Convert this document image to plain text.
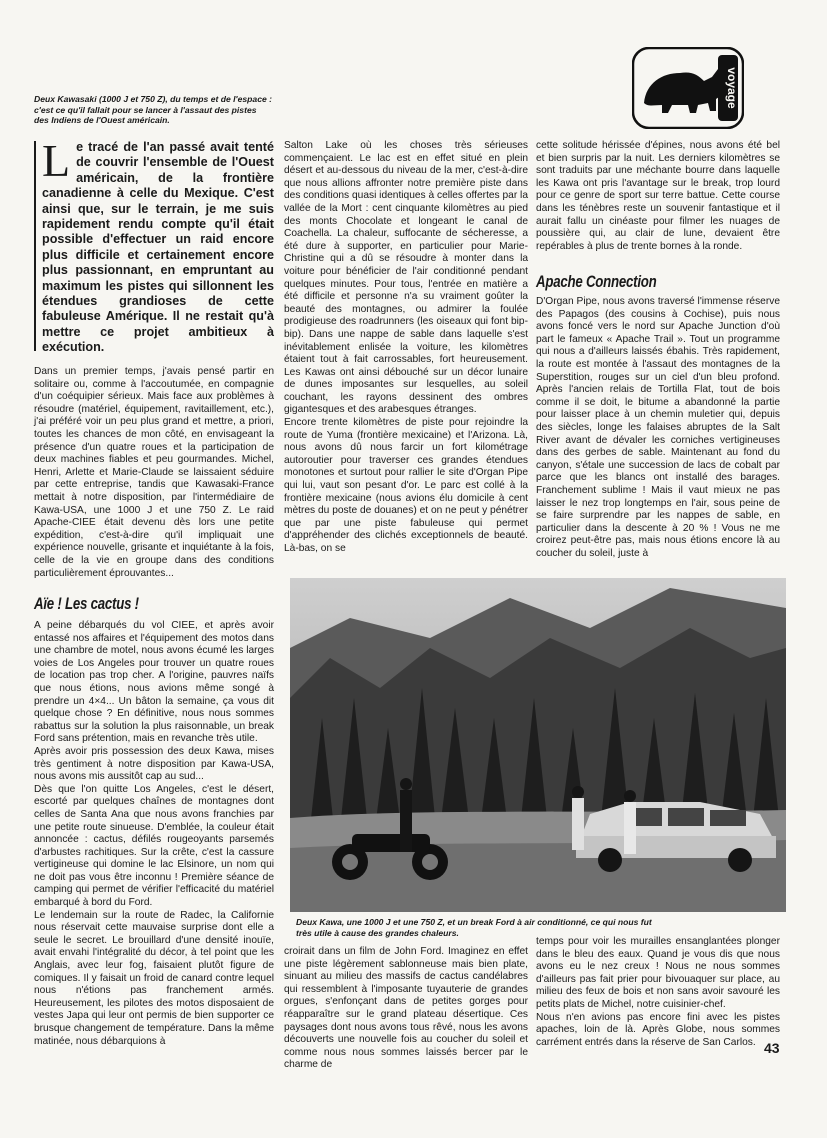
Deux Kawasaki (1000 J et 750 Z), du temps et de l'espace : c'est ce qu'il fallait pour se lancer à l'assaut des pistes des Indiens de l'Ouest américain.

voyage

Le tracé de l'an passé avait tenté de couvrir l'ensemble de l'Ouest américain, de la frontière canadienne à celle du Mexique. C'est ainsi que, sur le terrain, je me suis rapidement rendu compte qu'il était possible d'effectuer un raid encore plus difficile et certainement encore plus passionnant, en empruntant au maximum les pistes qui sillonnent les étendues grandioses de cette fabuleuse Amérique. Il ne restait qu'à mettre ce projet ambitieux à exécution.

Dans un premier temps, j'avais pensé partir en solitaire ou, comme à l'accoutumée, en compagnie d'un coéquipier sérieux. Mais face aux problèmes à résoudre (matériel, équipement, ravitaillement, etc.), j'ai préféré voir un peu plus grand et mettre, a priori, toutes les chances de mon côté, en envisageant la présence d'un quatre roues et la participation de deux machines fiables et peu gourmandes. Michel, Henri, Arlette et Marie-Claude se laissaient séduire par cette entreprise, tandis que Kawasaki-France mettait à notre disposition, par l'intermédiaire de Kawa-USA, une 1000 J et une 750 Z. Le raid Apache-CIEE était devenu dès lors une petite expédition, c'est-à-dire qu'il impliquait une expérience nouvelle, grisante et inquiétante à la fois, celle de la vie en groupe dans des conditions particulièrement éprouvantes...

Aïe ! Les cactus !

A peine débarqués du vol CIEE, et après avoir entassé nos affaires et l'équipement des motos dans une chambre de motel, nous avons écumé les larges voies de Los Angeles pour trouver un quatre roues de location pas trop cher. A l'origine, pauvres naïfs que nous étions, nous avions même songé à prendre un 4×4... Un bâton la semaine, ça vous dit quelque chose ? En définitive, nous nous sommes rabattus sur la solution la plus raisonnable, un break Ford sans prétention, mais en revanche très utile.

Après avoir pris possession des deux Kawa, mises très gentiment à notre disposition par Kawa-USA, nous avons mis aussitôt cap au sud...

Dès que l'on quitte Los Angeles, c'est le désert, escorté par quelques chaînes de montagnes dont celles de Santa Ana que nous avons franchies par une petite route sinueuse. D'emblée, la couleur était annoncée : cactus, défilés rougeoyants parsemés d'arbustes rachitiques. Sur la crête, c'est la cassure vertigineuse qui domine le lac Elsinore, un nom qui ne doit pas vous être inconnu ! Première séance de camping qui permet de vérifier l'efficacité du matériel embarqué à bord du Ford.

Le lendemain sur la route de Radec, la Californie nous réservait cette mauvaise surprise dont elle a seule le secret. Le brouillard d'une densité inouïe, avait envahi l'intégralité du décor, à tel point que les Anglais, avec leur fog, faisaient plutôt figure de comiques. Il y faisait un froid de canard contre lequel nous n'étions pas franchement armés. Heureusement, les pilotes des motos disposaient de vestes Japa qui leur ont permis de bien supporter ce brusque changement de température. Dans la même matinée, nous débarquions à

Salton Lake où les choses très sérieuses commençaient. Le lac est en effet situé en plein désert et au-dessous du niveau de la mer, c'est-à-dire que nous allions affronter notre première piste dans des conditions quasi identiques à celles offertes par la vallée de la Mort : cent cinquante kilomètres au pied des monts Chocolate et longeant le canal de Coachella. La chaleur, suffocante de sécheresse, a été dure à supporter, en particulier pour Marie-Christine qui a dû se résoudre à monter dans la voiture pour bénéficier de l'air conditionné pendant quelques minutes. Pour tous, l'entrée en matière a été difficile et personne n'a su vraiment goûter la beauté des montagnes, ou admirer la foulée prodigieuse des roadrunners (les oiseaux qui font bip-bip). Dans une nappe de sable dans laquelle s'est inévitablement enlisée la voiture, les kilomètres étaient tout à fait carrossables, fort heureusement. Les Kawas ont ainsi débouché sur un décor lunaire de dunes imposantes sur lesquelles, au soleil couchant, les rayons dessinent des ombres gigantesques et des arabesques étranges.

Encore trente kilomètres de piste pour rejoindre la route de Yuma (frontière mexicaine) et l'Arizona. Là, nous avons dû nous farcir un fort kilométrage autoroutier pour traverser ces grandes étendues monotones et surtout pour rallier le site d'Organ Pipe qui lui, vaut son pesant d'or. Le parc est collé à la frontière mexicaine (nous avions élu domicile à cent mètres du poste de douanes) et on ne peut y pénétrer que par une piste fabuleuse qui permet d'appréhender des clichés exceptionnels de beauté. Là-bas, on se

cette solitude hérissée d'épines, nous avons été bel et bien surpris par la nuit. Les derniers kilomètres se sont traduits par une méchante bourre dans laquelle les Kawa ont pris l'avantage sur le break, trop lourd pour ce genre de sport sur terre battue. Cette course dans les ténèbres reste un souvenir fantastique et il aurait fallu un cinéaste pour filmer les nuages de poussière qui, au clair de lune, devaient être repérables à plus de trente bornes à la ronde.

Apache Connection

D'Organ Pipe, nous avons traversé l'immense réserve des Papagos (des cousins à Cochise), puis nous avons foncé vers le nord sur Apache Junction d'où part le fameux « Apache Trail ». Tout un programme qui nous a d'ailleurs laissés ébahis. Très rapidement, la route est montée à l'assaut des montagnes de la Superstition, rouges sur un ciel d'un bleu profond. Après l'ancien relais de Tortilla Flat, tout de bois comme il se doit, le bitume a abandonné la partie pour laisser place à un chemin muletier qui, depuis des siècles, longe les falaises abruptes de la Salt River avant de dévaler les corniches vertigineuses dans des gerbes de sable. Maintenant au fond du canyon, s'étale une succession de lacs de cobalt par parce que les blancs ont installé des barages. Franchement sublime ! Mais il vaut mieux ne pas laisser le nez trop longtemps en l'air, sous peine de se faire surprendre par les nappes de sable, en particulier dans la descente à 20 % ! Vous ne me croirez peut-être pas, mais nous étions encore là au coucher du soleil, juste à

Deux Kawa, une 1000 J et une 750 Z, et un break Ford à air conditionné, ce qui nous fut très utile à cause des grandes chaleurs.

croirait dans un film de John Ford. Imaginez en effet une piste légèrement sablonneuse mais bien plate, sinuant au milieu des massifs de cactus candélabres qui ressemblent à l'imposante tuyauterie de grandes orgues, s'enfonçant dans de petites gorges pour réapparaître sur le grand plateau désertique. Ces paysages dont nous avons tous rêvé, nous les avons découverts une nouvelle fois au coucher du soleil et comme nous nous sommes laissés bercer par le charme de

temps pour voir les murailles ensanglantées plonger dans le bleu des eaux. Quand je vous dis que nous avons eu le nez creux ! Nous ne nous sommes d'ailleurs pas fait prier pour bivouaquer sur place, au milieu des feux de bois et non sans avoir savouré les petits plats de Michel, notre cuisinier-chef.

Nous n'en avions pas encore fini avec les pistes apaches, loin de là. Après Globe, nous sommes carrément entrés dans la réserve de San Carlos. 43
